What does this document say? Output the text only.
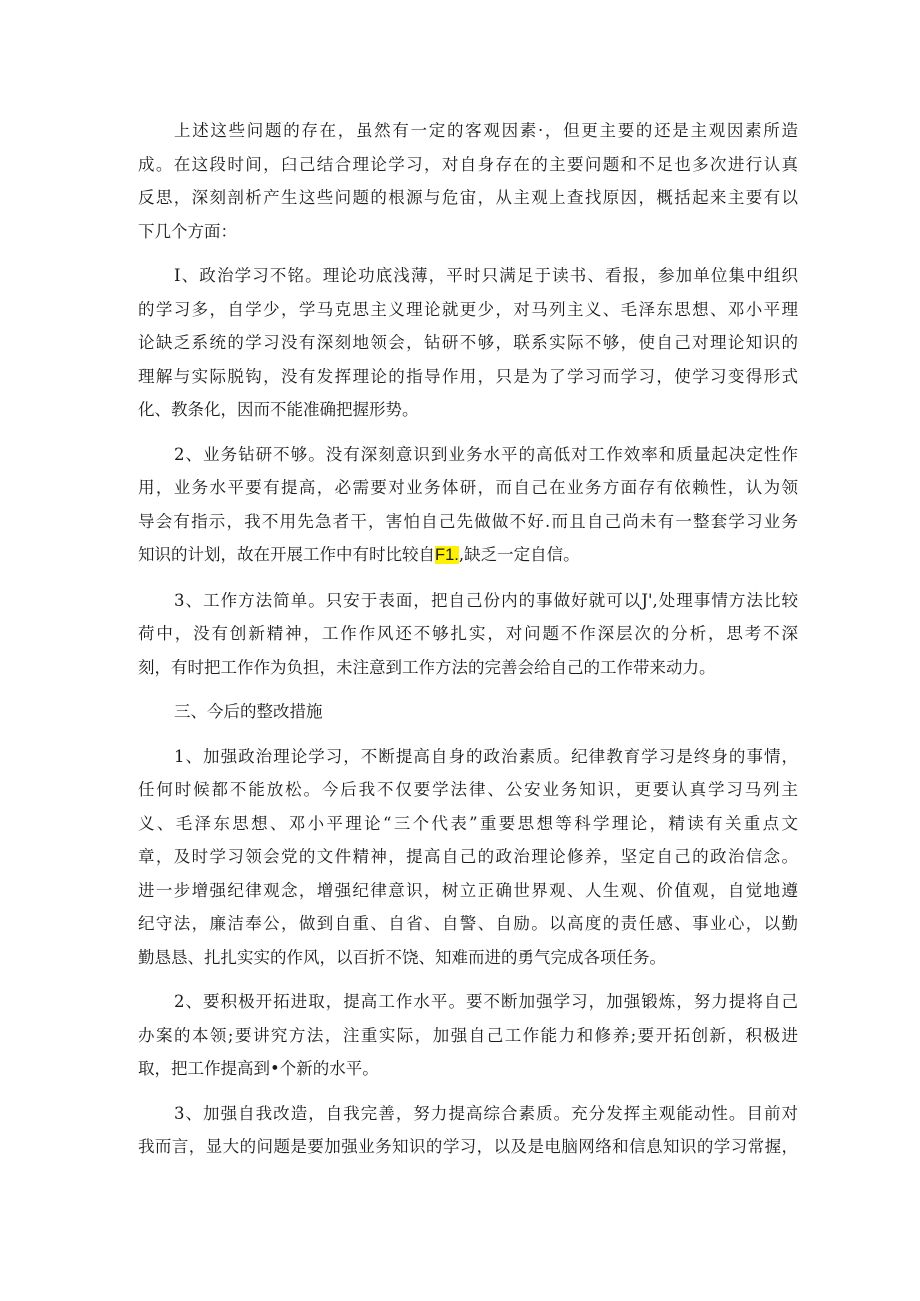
上述这些问题的存在，虽然有一定的客观因素·，但更主要的还是主观因素所造
成。在这段时间，臼己结合理论学习，对自身存在的主要问题和不足也多次进行认真
反思，深刻剖析产生这些问题的根源与危宙，从主观上查找原因，概括起来主要有以
下几个方面：

I、政治学习不铭。理论功底浅薄，平时只满足于读书、看报，参加单位集中组织
的学习多，自学少，学马克思主义理论就更少，对马列主义、毛泽东思想、邓小平理
论缺乏系统的学习没有深刻地领会，钻研不够，联系实际不够，使自己对理论知识的
理解与实际脱钩，没有发挥理论的指导作用，只是为了学习而学习，使学习变得形式
化、教条化，因而不能准确把握形势。

2、业务钻研不够。没有深刻意识到业务水平的高低对工作效率和质量起决定性作
用，业务水平要有提高，必需要对业务体研，而自己在业务方面存有依赖性，认为领
导会有指示，我不用先急者干，害怕自己先做做不好.而且自己尚未有一整套学习业务
知识的计划，故在开展工作中有时比较自F1.,缺乏一定自信。

3、工作方法简单。只安于表面，把自己份内的事做好就可以J',处理事情方法比较
荷中，没有创新精神，工作作风还不够扎实，对问题不作深层次的分析，思考不深
刻，有时把工作作为负担，未注意到工作方法的完善会给自己的工作带来动力。

三、今后的整改措施

1、加强政治理论学习，不断提高自身的政治素质。纪律教育学习是终身的事情，
任何时候都不能放松。今后我不仅要学法律、公安业务知识，更要认真学习马列主
义、毛泽东思想、邓小平理论“三个代表”重要思想等科学理论，精读有关重点文
章，及时学习领会党的文件精神，提高自己的政治理论修养，坚定自己的政治信念。
进一步增强纪律观念，增强纪律意识，树立正确世界观、人生观、价值观，自觉地遵
纪守法，廉洁奉公，做到自重、自省、自警、自励。以高度的责任感、事业心，以勤
勤恳恳、扎扎实实的作风，以百折不饶、知难而进的勇气完成各项任务。

2、要积极开拓进取，提高工作水平。要不断加强学习，加强锻炼，努力提将自己
办案的本领;要讲究方法，注重实际，加强自己工作能力和修养;要开拓创新，积极进
取，把工作提高到•个新的水平。

3、加强自我改造，自我完善，努力提高综合素质。充分发挥主观能动性。目前对
我而言，显大的问题是要加强业务知识的学习，以及是电脑网络和信息知识的学习常握，
